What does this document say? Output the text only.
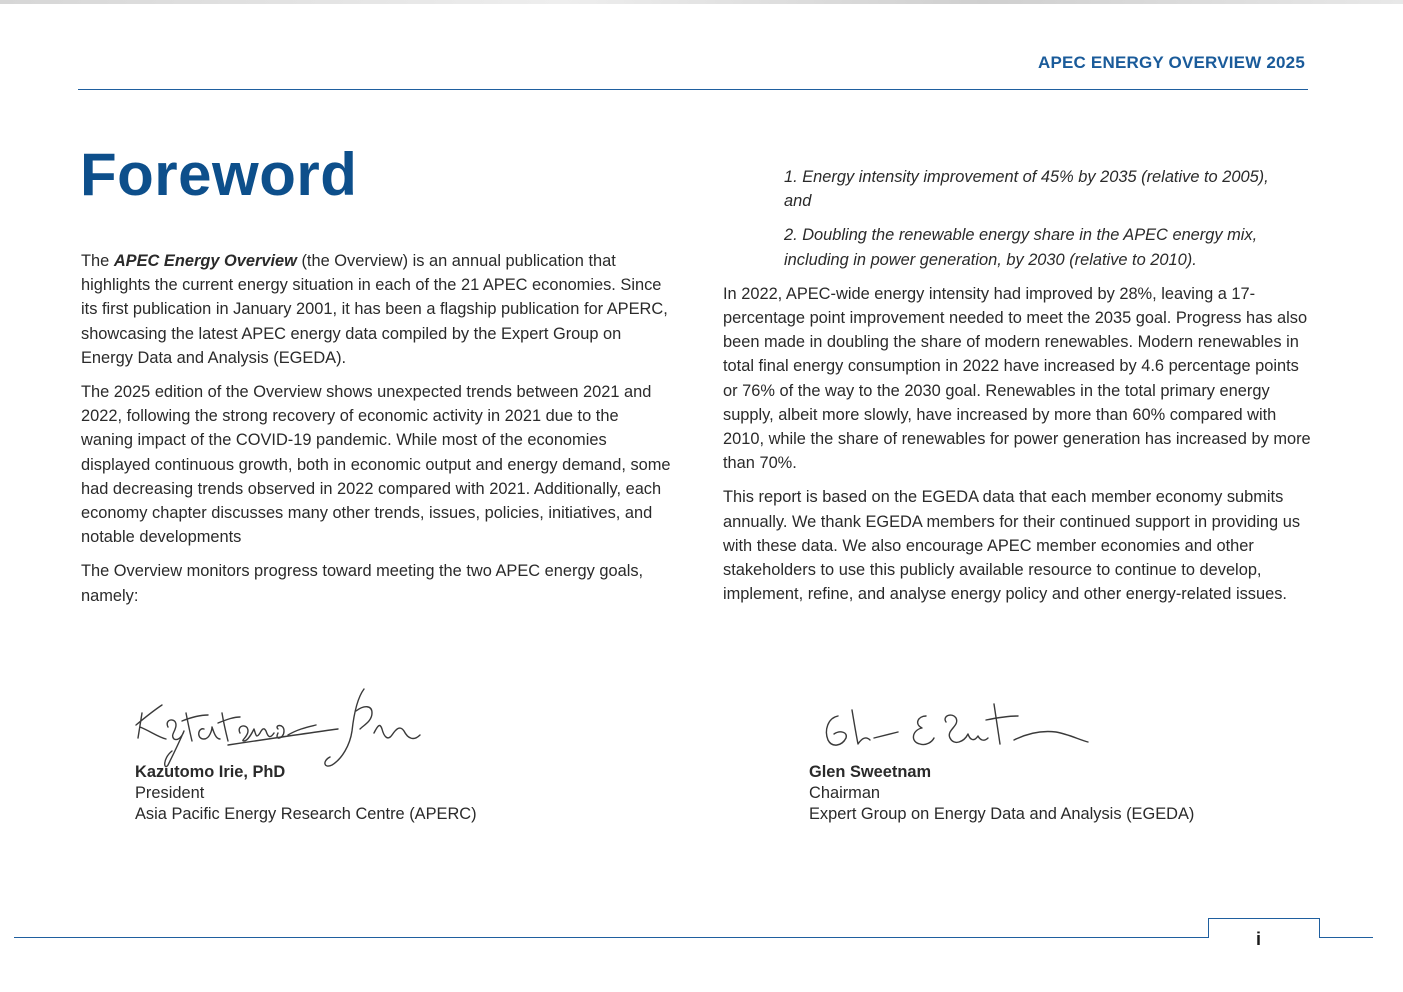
APEC ENERGY OVERVIEW 2025
Foreword

The APEC Energy Overview (the Overview) is an annual publication that highlights the current energy situation in each of the 21 APEC economies. Since its first publication in January 2001, it has been a flagship publication for APERC, showcasing the latest APEC energy data compiled by the Expert Group on Energy Data and Analysis (EGEDA).

The 2025 edition of the Overview shows unexpected trends between 2021 and 2022, following the strong recovery of economic activity in 2021 due to the waning impact of the COVID-19 pandemic. While most of the economies displayed continuous growth, both in economic output and energy demand, some had decreasing trends observed in 2022 compared with 2021. Additionally, each economy chapter discusses many other trends, issues, policies, initiatives, and notable developments

The Overview monitors progress toward meeting the two APEC energy goals, namely:

1. Energy intensity improvement of 45% by 2035 (relative to 2005), and

2. Doubling the renewable energy share in the APEC energy mix, including in power generation, by 2030 (relative to 2010).

In 2022, APEC-wide energy intensity had improved by 28%, leaving a 17-percentage point improvement needed to meet the 2035 goal. Progress has also been made in doubling the share of modern renewables. Modern renewables in total final energy consumption in 2022 have increased by 4.6 percentage points or 76% of the way to the 2030 goal. Renewables in the total primary energy supply, albeit more slowly, have increased by more than 60% compared with 2010, while the share of renewables for power generation has increased by more than 70%.

This report is based on the EGEDA data that each member economy submits annually. We thank EGEDA members for their continued support in providing us with these data. We also encourage APEC member economies and other stakeholders to use this publicly available resource to continue to develop, implement, refine, and analyse energy policy and other energy-related issues.

Kazutomo Irie, PhD
President
Asia Pacific Energy Research Centre (APERC)
Glen Sweetnam
Chairman
Expert Group on Energy Data and Analysis (EGEDA)
i
